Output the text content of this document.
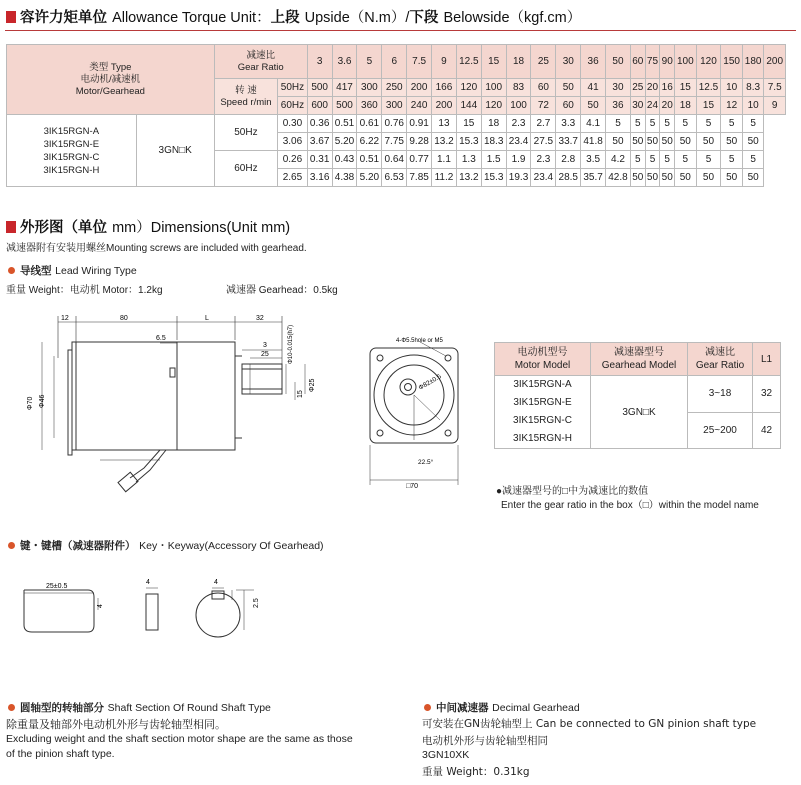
容许力矩单位 Allowance Torque Unit：上段 Upside（N.m）/下段 Belowside（kgf.cm）
类型 Type
电动机/减速机
Motor/Gearhead		减速比
Gear Ratio		3	3.6	5	6	7.5	9	12.5	15	18	25	30	36	50	60	75	90	100	120	150	180	200
		转 速
Speed r/min	50Hz	500	417	300	250	200	166	120	100	83	60	50	41	30	25	20	16	15	12.5	10	8.3	7.5
			60Hz	600	500	360	300	240	200	144	120	100	72	60	50	36	30	24	20	18	15	12	10	9

3IK15RGN-A
3IK15RGN-E
3IK15RGN-C
3IK15RGN-H	3GN□K	50Hz	0.30	0.36	0.51	0.61	0.76	0.91	13	15	18	2.3	2.7	3.3	4.1	5	5	5	5	5	5	5	5	
			3.06	3.67	5.20	6.22	7.75	9.28	13.2	15.3	18.3	23.4	27.5	33.7	41.8	50	50	50	50	50	50	50	50	
		60Hz	0.26	0.31	0.43	0.51	0.64	0.77	1.1	1.3	1.5	1.9	2.3	2.8	3.5	4.2	5	5	5	5	5	5	5	
			2.65	3.16	4.38	5.20	6.53	7.85	11.2	13.2	15.3	19.3	23.4	28.5	35.7	42.8	50	50	50	50	50	50	50	
外形图（单位 mm）Dimensions(Unit mm)
减速器附有安装用螺丝Mounting screws are included with gearhead.
导线型 Lead Wiring Type
重量 Weight：电动机 Motor：1.2kg	减速器 Gearhead：0.5kg
12	80	L	32
6.5
3
25	Φ10-0.015(h7)
Φ70 Φ46
Φ25
15
4-Φ5.5hole or M5
Φ82±0.5
22.5°
□70
电动机型号
Motor Model	减速器型号
Gearhead Model	减速比
Gear Ratio	L1

3IK15RGN-A
3IK15RGN-E
3IK15RGN-C
3IK15RGN-H	3GN□K	3~18	32
		25~200	42
●减速器型号的□中为减速比的数值
Enter the gear ratio in the box（□）within the model name
键・键槽（减速器附件） Key・Keyway(Accessory Of Gearhead)
25±0.5
4
4	4
2.5
圆轴型的转轴部分 Shaft Section Of Round Shaft Type
除重量及轴部外电动机外形与齿轮轴型相同。
Excluding weight and the shaft section motor shape are the same as those
of the pinion shaft type.
中间减速器 Decimal Gearhead
可安装在GN齿轮轴型上 Can be connected to GN pinion shaft type
电动机外形与齿轮轴型相同
3GN10XK
重量 Weight：0.31kg
